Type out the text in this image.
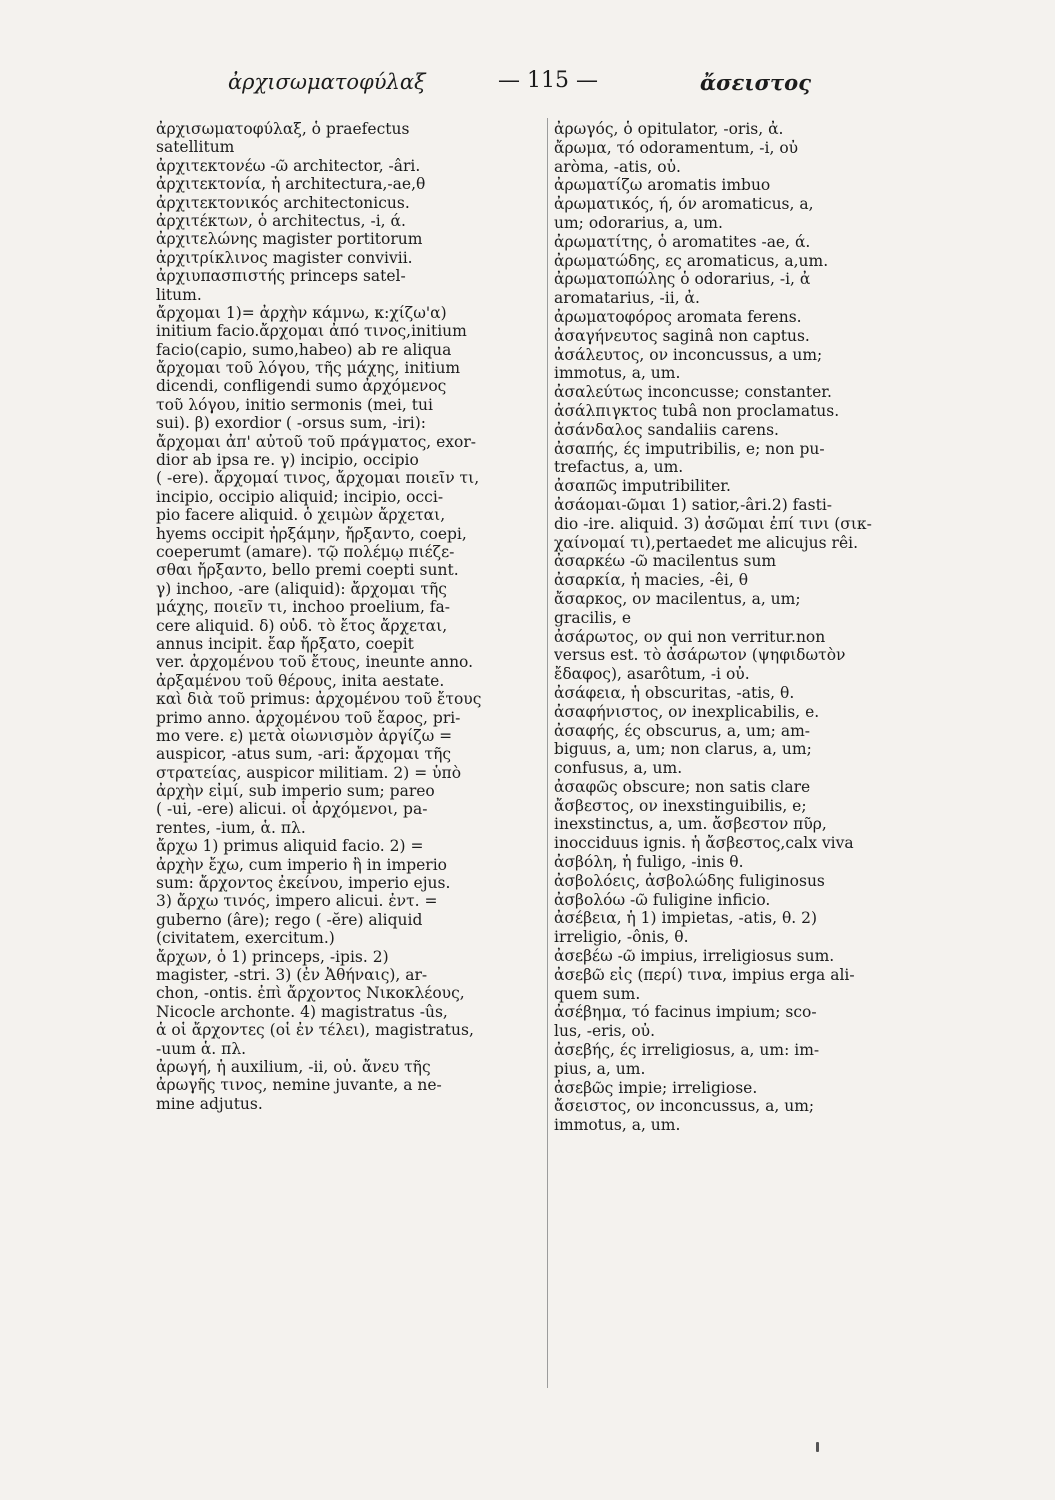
ἀρχισωματοφύλαξ	— 115 —	ἄσειστος
ἀρχισωματοφύλαξ, ὁ praefectus
satellitum
ἀρχιτεκτονέω -ῶ architector, -âri.
ἀρχιτεκτονία, ἡ architectura,-ae,θ
ἀρχιτεκτονικός architectonicus.
ἀρχιτέκτων, ὁ architectus, -i, ά.
ἀρχιτελώνης magister portitorum
ἀρχιτρίκλινος magister convivii.
ἀρχιυπασπιστής princeps satel-
litum.
ἄρχομαι 1)= ἀρχὴν κάμνω, κ:χίζω'α)
initium facio.ἄρχομαι ἀπό τινος,initium
facio(capio, sumo,habeo) ab re aliqua
ἄρχομαι τοῦ λόγου, τῆς μάχης, initium
dicendi, confligendi sumo ἀρχόμενος
τοῦ λόγου, initio sermonis (mei, tui
sui). β) exordior ( -orsus sum, -iri):
ἄρχομαι ἀπ' αὐτοῦ τοῦ πράγματος, exor-
dior ab ipsa re. γ) incipio, occipio
( -ere). ἄρχομαί τινος, ἄρχομαι ποιεῖν τι,
incipio, occipio aliquid; incipio, occi-
pio facere aliquid. ὁ χειμὼν ἄρχεται,
hyems occipit ἠρξάμην, ἤρξαντο, coepi,
coeperumt (amare). τῷ πολέμῳ πιέζε-
σθαι ἤρξαντο, bello premi coepti sunt.
γ) inchoo, -are (aliquid): ἄρχομαι τῆς
μάχης, ποιεῖν τι, inchoo proelium, fa-
cere aliquid. δ) οὐδ. τὸ ἔτος ἄρχεται,
annus incipit. ἔαρ ἤρξατο, coepit
ver. ἀρχομένου τοῦ ἔτους, ineunte anno.
ἀρξαμένου τοῦ θέρους, inita aestate.
καὶ διὰ τοῦ primus: ἀρχομένου τοῦ ἔτους
primo anno. ἀρχομένου τοῦ ἔαρος, pri-
mo vere. ε) μετὰ οἰωνισμὸν ἀργίζω =
auspicor, -atus sum, -ari: ἄρχομαι τῆς
στρατείας, auspicor militiam. 2) = ὑπὸ
ἀρχὴν εἰμί, sub imperio sum; pareo
( -ui, -ere) alicui. οἱ ἀρχόμενοι, pa-
rentes, -ium, ἁ. πλ.
ἄρχω 1) primus aliquid facio. 2) =
ἀρχὴν ἔχω, cum imperio ἢ in imperio
sum: ἄρχοντος ἐκείνου, imperio ejus.
3) ἄρχω τινός, impero alicui. ἐντ. =
guberno (âre); rego ( -ĕre) aliquid
(civitatem, exercitum.)
ἄρχων, ὁ 1) princeps, -ipis. 2)
magister, -stri. 3) (ἐν Ἀθήναις), ar-
chon, -ontis. ἐπὶ ἄρχοντος Νικοκλέους,
Nicocle archonte. 4) magistratus -ûs,
ἁ οἱ ἄρχοντες (οἱ ἐν τέλει), magistratus,
-uum ἁ. πλ.
ἀρωγή, ἡ auxilium, -ii, οὐ. ἄνευ τῆς
ἀρωγῆς τινος, nemine juvante, a ne-
mine adjutus.
ἀρωγός, ὁ opitulator, -oris, ἀ.
ἄρωμα, τό odoramentum, -i, οὐ
aròma, -atis, οὐ.
ἀρωματίζω aromatis imbuo
ἀρωματικός, ή, όν aromaticus, a,
um; odorarius, a, um.
ἀρωματίτης, ὁ aromatites -ae, ά.
ἀρωματώδης, ες aromaticus, a,um.
ἀρωματοπώλης ὁ odorarius, -i, ἀ
aromatarius, -ii, ἀ.
ἀρωματοφόρος aromata ferens.
ἀσαγήνευτος saginâ non captus.
ἀσάλευτος, ον inconcussus, a um;
immotus, a, um.
ἀσαλεύτως inconcusse; constanter.
ἀσάλπιγκτος tubâ non proclamatus.
ἀσάνδαλος sandaliis carens.
ἀσαπής, ές imputribilis, e; non pu-
trefactus, a, um.
ἀσαπῶς imputribiliter.
ἀσάομαι-ῶμαι 1) satior,-âri.2) fasti-
dio -ire. aliquid. 3) ἀσῶμαι ἐπί τινι (σικ-
χαίνομαί τι),pertaedet me alicujus rêi.
ἀσαρκέω -ῶ macilentus sum
ἀσαρκία, ἡ macies, -êi, θ
ἄσαρκος, ον macilentus, a, um;
gracilis, e
ἀσάρωτος, ον qui non verritur.non
versus est. τὸ ἀσάρωτον (ψηφιδωτὸν
ἔδαφος), asarôtum, -i οὐ.
ἀσάφεια, ἡ obscuritas, -atis, θ.
ἀσαφήνιστος, ον inexplicabilis, e.
ἀσαφής, ές obscurus, a, um; am-
biguus, a, um; non clarus, a, um;
confusus, a, um.
ἀσαφῶς obscure; non satis clare
ἄσβεστος, ον inexstinguibilis, e;
inexstinctus, a, um. ἄσβεστον πῦρ,
inocciduus ignis. ἡ ἄσβεστος,calx viva
ἀσβόλη, ἡ fuligo, -inis θ.
ἀσβολόεις, ἀσβολώδης fuliginosus
ἀσβολόω -ῶ fuligine inficio.
ἀσέβεια, ἡ 1) impietas, -atis, θ. 2)
irreligio, -ônis, θ.
ἀσεβέω -ῶ impius, irreligiosus sum.
ἀσεβῶ εἰς (περί) τινα, impius erga ali-
quem sum.
ἀσέβημα, τό facinus impium; sco-
lus, -eris, οὐ.
ἀσεβής, ές irreligiosus, a, um: im-
pius, a, um.
ἀσεβῶς impie; irreligiose.
ἄσειστος, ον inconcussus, a, um;
immotus, a, um.
